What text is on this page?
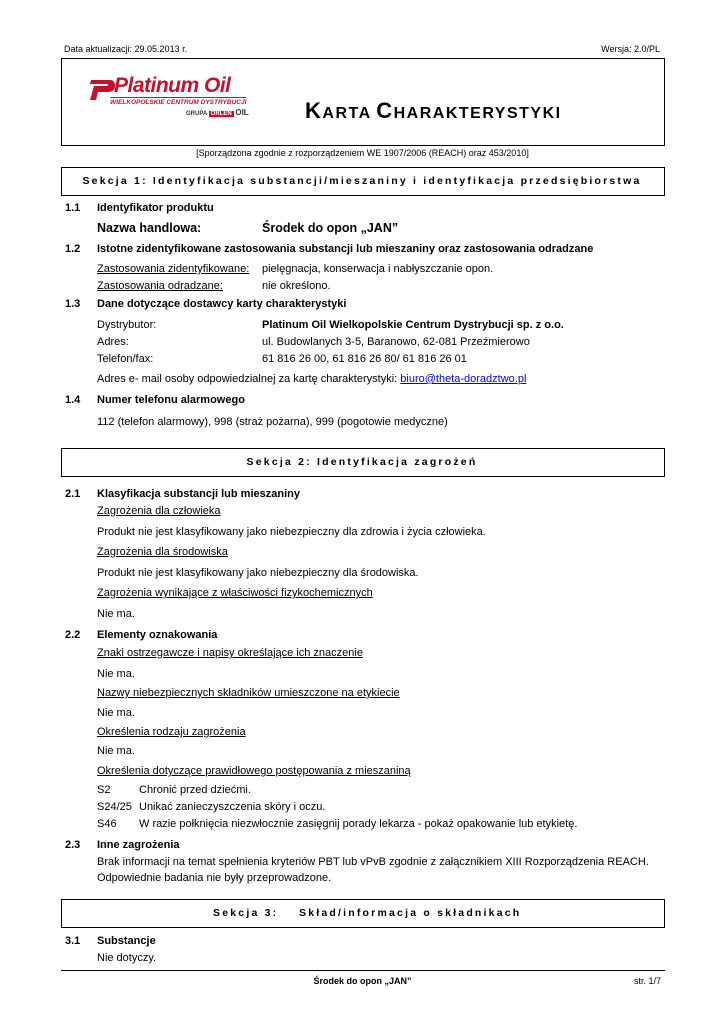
Data aktualizacji: 29.05.2013 r.	Wersja: 2.0/PL
Platinum Oil
WIELKOPOLSKIE CENTRUM DYSTRYBUCJI
GRUPA ORLEN OIL	KARTA CHARAKTERYSTYKI
[Sporządzona zgodnie z rozporządzeniem WE 1907/2006 (REACH) oraz 453/2010]
Sekcja 1: Identyfikacja substancji/mieszaniny i identyfikacja przedsiębiorstwa
1.1 Identyfikator produktu
Nazwa handlowa:	Środek do opon „JAN”
1.2 Istotne zidentyfikowane zastosowania substancji lub mieszaniny oraz zastosowania odradzane
Zastosowania zidentyfikowane: pielęgnacja, konserwacja i nabłyszczanie opon.
Zastosowania odradzane:	nie określono.
1.3 Dane dotyczące dostawcy karty charakterystyki
Dystrybutor:	Platinum Oil Wielkopolskie Centrum Dystrybucji sp. z o.o.
Adres:	ul. Budowlanych 3-5, Baranowo, 62-081 Przeźmierowo
Telefon/fax:	61 816 26 00, 61 816 26 80/ 61 816 26 01
Adres e- mail osoby odpowiedzialnej za kartę charakterystyki: biuro@theta-doradztwo.pl
1.4 Numer telefonu alarmowego
112 (telefon alarmowy), 998 (straż pożarna), 999 (pogotowie medyczne)
Sekcja 2: Identyfikacja zagrożeń
2.1 Klasyfikacja substancji lub mieszaniny
Zagrożenia dla człowieka
Produkt nie jest klasyfikowany jako niebezpieczny dla zdrowia i życia człowieka.
Zagrożenia dla środowiska
Produkt nie jest klasyfikowany jako niebezpieczny dla środowiska.
Zagrożenia wynikające z właściwości fizykochemicznych
Nie ma.
2.2 Elementy oznakowania
Znaki ostrzegawcze i napisy określające ich znaczenie
Nie ma.
Nazwy niebezpiecznych składników umieszczone na etykiecie
Nie ma.
Określenia rodzaju zagrożenia
Nie ma.
Określenia dotyczące prawidłowego postępowania z mieszaniną
S2	Chronić przed dziećmi.
S24/25 Unikać zanieczyszczenia skóry i oczu.
S46 W razie połknięcia niezwłocznie zasięgnij porady lekarza - pokaż opakowanie lub etykietę.
2.3 Inne zagrożenia
Brak informacji na temat spełnienia kryteriów PBT lub vPvB zgodnie z załącznikiem XIII Rozporządzenia REACH.
Odpowiednie badania nie były przeprowadzone.
Sekcja 3: Skład/informacja o składnikach
3.1 Substancje
Nie dotyczy.
Środek do opon „JAN”	str. 1/7
